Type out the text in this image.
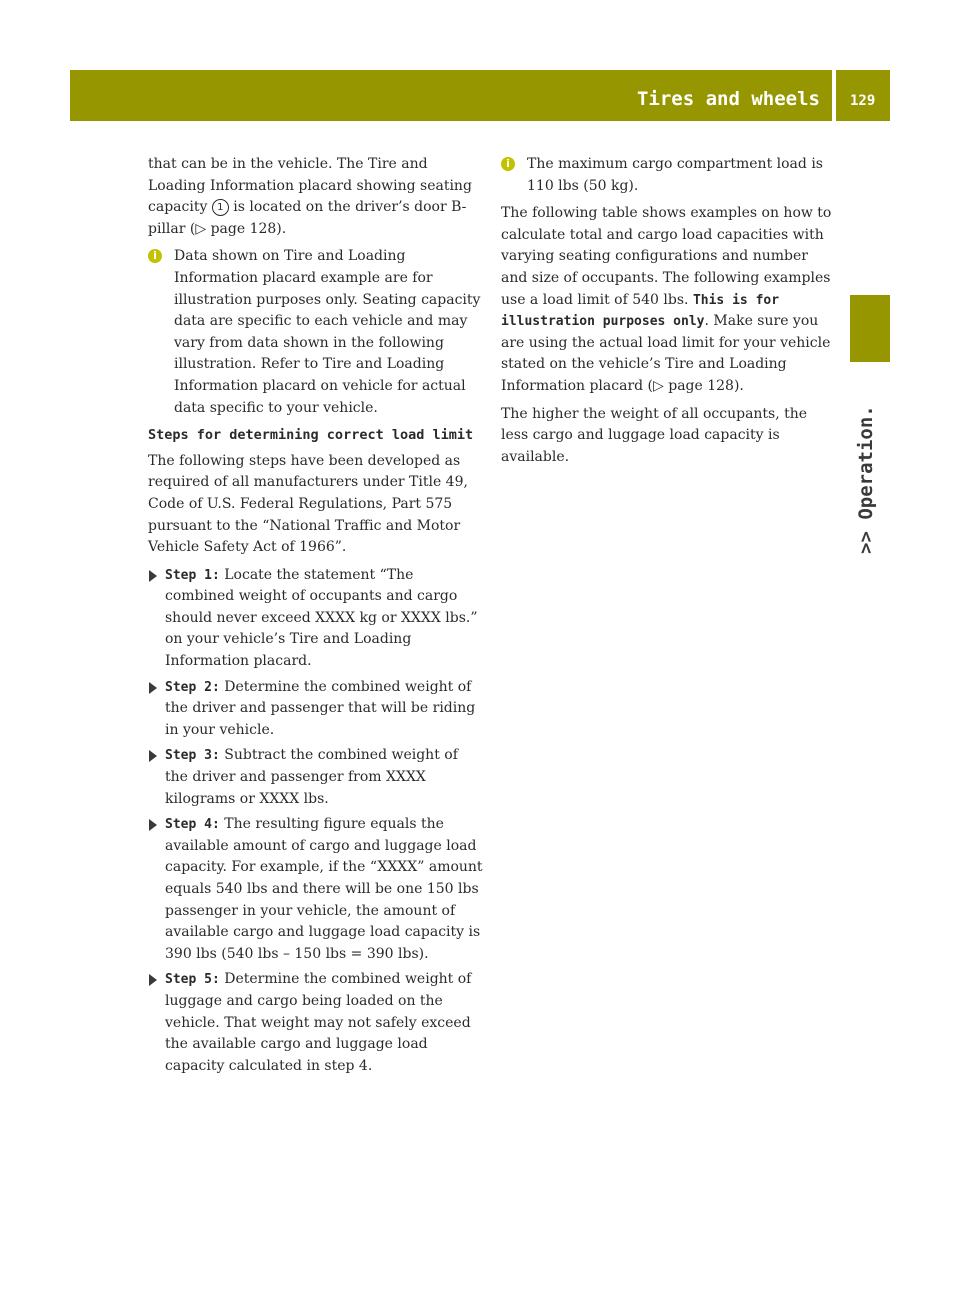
Tires and wheels 129
>> Operation.

that can be in the vehicle. The Tire and Loading Information placard showing seating capacity 1 is located on the driver’s door B-pillar (▷ page 128).

i	Data shown on Tire and Loading Information placard example are for illustration purposes only. Seating capacity data are specific to each vehicle and may vary from data shown in the following illustration. Refer to Tire and Loading Information placard on vehicle for actual data specific to your vehicle.
Steps for determining correct load limit

The following steps have been developed as required of all manufacturers under Title 49, Code of U.S. Federal Regulations, Part 575 pursuant to the “National Traffic and Motor Vehicle Safety Act of 1966”.

Step 1: Locate the statement “The combined weight of occupants and cargo should never exceed XXXX kg or XXXX lbs.” on your vehicle’s Tire and Loading Information placard.
Step 2: Determine the combined weight of the driver and passenger that will be riding in your vehicle.
Step 3: Subtract the combined weight of the driver and passenger from XXXX kilograms or XXXX lbs.
Step 4: The resulting figure equals the available amount of cargo and luggage load capacity. For example, if the “XXXX” amount equals 540 lbs and there will be one 150 lbs passenger in your vehicle, the amount of available cargo and luggage load capacity is 390 lbs (540 lbs – 150 lbs = 390 lbs).
Step 5: Determine the combined weight of luggage and cargo being loaded on the vehicle. That weight may not safely exceed the available cargo and luggage load capacity calculated in step 4.
i	The maximum cargo compartment load is 110 lbs (50 kg).

The following table shows examples on how to calculate total and cargo load capacities with varying seating configurations and number and size of occupants. The following examples use a load limit of 540 lbs. This is for illustration purposes only. Make sure you are using the actual load limit for your vehicle stated on the vehicle’s Tire and Loading Information placard (▷ page 128).

The higher the weight of all occupants, the less cargo and luggage load capacity is available.
